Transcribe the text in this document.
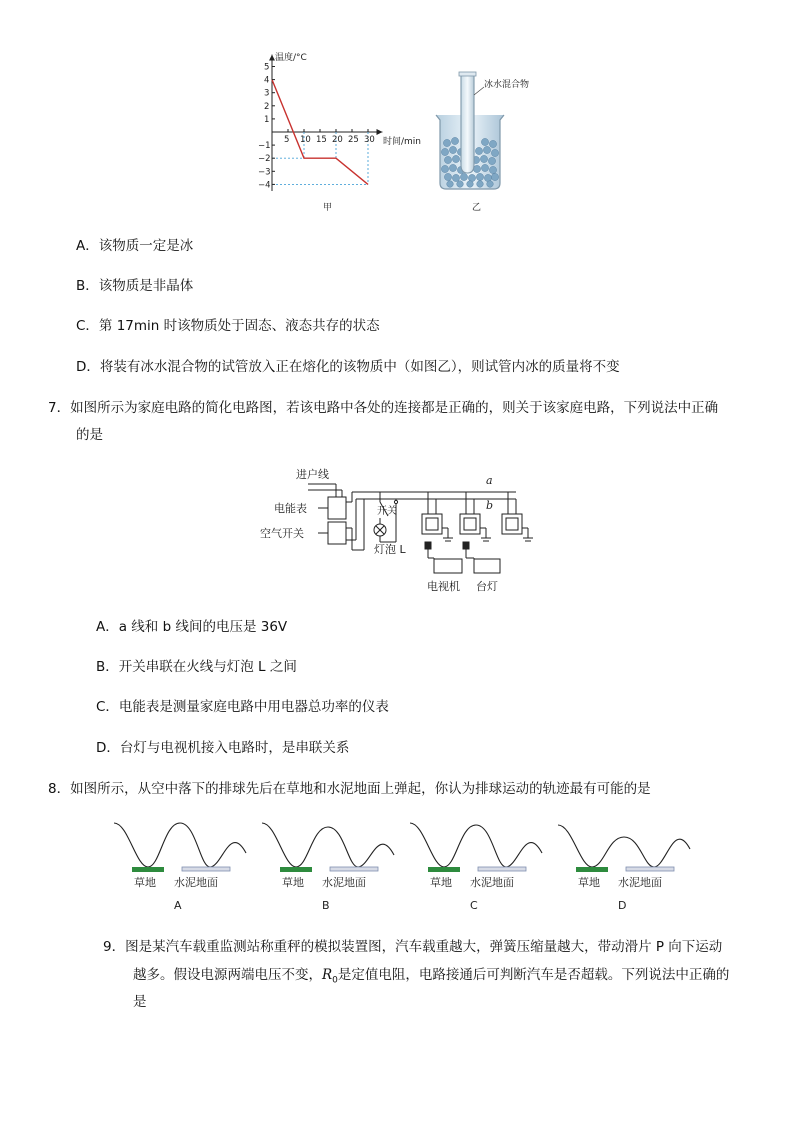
5 10 15 20 25 30
5
4
3
2
1
−1
−2
−3
−4
温度/°C
时间/min
甲
冰水混合物
乙
A．该物质一定是冰
B．该物质是非晶体
C．第 17min 时该物质处于固态、液态共存的状态
D．将装有冰水混合物的试管放入正在熔化的该物质中（如图乙），则试管内冰的质量将不变
7．如图所示为家庭电路的简化电路图，若该电路中各处的连接都是正确的，则关于该家庭电路，下列说法中正确
的是
进户线
电能表
空气开关
开关
灯泡 L
电视机 台灯
a
b
A．a 线和 b 线间的电压是 36V
B．开关串联在火线与灯泡 L 之间
C．电能表是测量家庭电路中用电器总功率的仪表
D．台灯与电视机接入电路时，是串联关系
8．如图所示，从空中落下的排球先后在草地和水泥地面上弹起，你认为排球运动的轨迹最有可能的是
草地 水泥地面
A
草地 水泥地面
B
草地 水泥地面
C
草地 水泥地面
D
9．图是某汽车载重监测站称重秤的模拟装置图，汽车载重越大，弹簧压缩量越大，带动滑片 P 向下运动
越多。假设电源两端电压不变，$R_0$是定值电阻，电路接通后可判断汽车是否超载。下列说法中正确的
是
